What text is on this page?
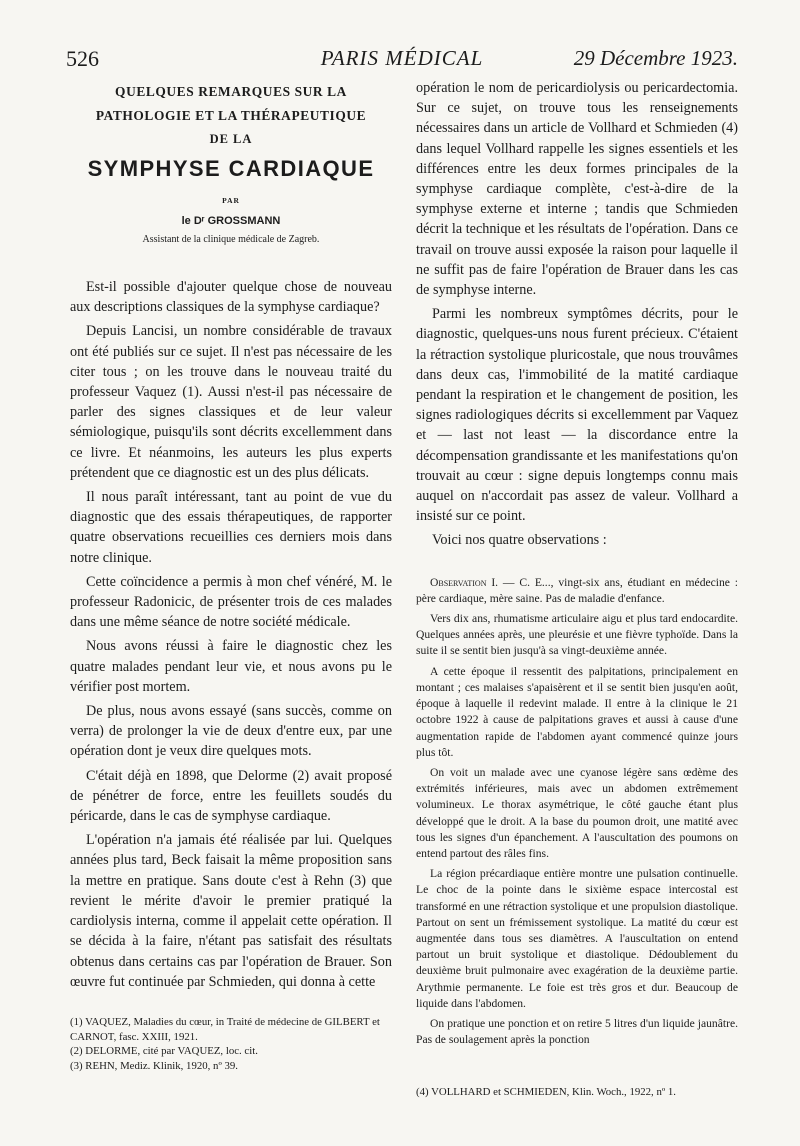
526	PARIS MÉDICAL	29 Décembre 1923.
QUELQUES REMARQUES SUR LA
PATHOLOGIE ET LA THÉRAPEUTIQUE
DE LA
SYMPHYSE CARDIAQUE
PAR
le Dʳ GROSSMANN
Assistant de la clinique médicale de Zagreb.

Est-il possible d'ajouter quelque chose de nouveau aux descriptions classiques de la symphyse cardiaque?

Depuis Lancisi, un nombre considérable de travaux ont été publiés sur ce sujet. Il n'est pas nécessaire de les citer tous ; on les trouve dans le nouveau traité du professeur Vaquez (1). Aussi n'est-il pas nécessaire de parler des signes classiques et de leur valeur sémiologique, puisqu'ils sont décrits excellemment dans ce livre. Et néanmoins, les auteurs les plus experts prétendent que ce diagnostic est un des plus délicats.

Il nous paraît intéressant, tant au point de vue du diagnostic que des essais thérapeutiques, de rapporter quatre observations recueillies ces derniers mois dans notre clinique.

Cette coïncidence a permis à mon chef vénéré, M. le professeur Radonicic, de présenter trois de ces malades dans une même séance de notre société médicale.

Nous avons réussi à faire le diagnostic chez les quatre malades pendant leur vie, et nous avons pu le vérifier post mortem.

De plus, nous avons essayé (sans succès, comme on verra) de prolonger la vie de deux d'entre eux, par une opération dont je veux dire quelques mots.

C'était déjà en 1898, que Delorme (2) avait proposé de pénétrer de force, entre les feuillets soudés du péricarde, dans le cas de symphyse cardiaque.

L'opération n'a jamais été réalisée par lui. Quelques années plus tard, Beck faisait la même proposition sans la mettre en pratique. Sans doute c'est à Rehn (3) que revient le mérite d'avoir le premier pratiqué la cardiolysis interna, comme il appelait cette opération. Il se décida à la faire, n'étant pas satisfait des résultats obtenus dans certains cas par l'opération de Brauer. Son œuvre fut continuée par Schmieden, qui donna à cette

(1) VAQUEZ, Maladies du cœur, in Traité de médecine de GILBERT et CARNOT, fasc. XXIII, 1921.

(2) DELORME, cité par VAQUEZ, loc. cit.

(3) REHN, Mediz. Klinik, 1920, nº 39.

opération le nom de pericardiolysis ou pericardectomia. Sur ce sujet, on trouve tous les renseignements nécessaires dans un article de Vollhard et Schmieden (4) dans lequel Vollhard rappelle les signes essentiels et les différences entre les deux formes principales de la symphyse cardiaque complète, c'est-à-dire de la symphyse externe et interne ; tandis que Schmieden décrit la technique et les résultats de l'opération. Dans ce travail on trouve aussi exposée la raison pour laquelle il ne suffit pas de faire l'opération de Brauer dans les cas de symphyse interne.

Parmi les nombreux symptômes décrits, pour le diagnostic, quelques-uns nous furent précieux. C'étaient la rétraction systolique pluricostale, que nous trouvâmes dans deux cas, l'immobilité de la matité cardiaque pendant la respiration et le changement de position, les signes radiologiques décrits si excellemment par Vaquez et — last not least — la discordance entre la décompensation grandissante et les manifestations qu'on trouvait au cœur : signe depuis longtemps connu mais auquel on n'accordait pas assez de valeur. Vollhard a insisté sur ce point.

Voici nos quatre observations :

Observation I. — C. E..., vingt-six ans, étudiant en médecine : père cardiaque, mère saine. Pas de maladie d'enfance.

Vers dix ans, rhumatisme articulaire aigu et plus tard endocardite. Quelques années après, une pleurésie et une fièvre typhoïde. Dans la suite il se sentit bien jusqu'à sa vingt-deuxième année.

A cette époque il ressentit des palpitations, principalement en montant ; ces malaises s'apaisèrent et il se sentit bien jusqu'en août, époque à laquelle il redevint malade. Il entre à la clinique le 21 octobre 1922 à cause de palpitations graves et aussi à cause d'une augmentation rapide de l'abdomen ayant commencé quinze jours plus tôt.

On voit un malade avec une cyanose légère sans œdème des extrémités inférieures, mais avec un abdomen extrêmement volumineux. Le thorax asymétrique, le côté gauche étant plus développé que le droit. A la base du poumon droit, une matité avec tous les signes d'un épanchement. A l'auscultation des poumons on entend partout des râles fins.

La région précardiaque entière montre une pulsation continuelle. Le choc de la pointe dans le sixième espace intercostal est transformé en une rétraction systolique et une propulsion diastolique. Partout on sent un frémissement systolique. La matité du cœur est augmentée dans tous ses diamètres. A l'auscultation on entend partout un bruit systolique et diastolique. Dédoublement du deuxième bruit pulmonaire avec exagération de la deuxième partie. Arythmie permanente. Le foie est très gros et dur. Beaucoup de liquide dans l'abdomen.

On pratique une ponction et on retire 5 litres d'un liquide jaunâtre. Pas de soulagement après la ponction

(4) VOLLHARD et SCHMIEDEN, Klin. Woch., 1922, nº 1.
